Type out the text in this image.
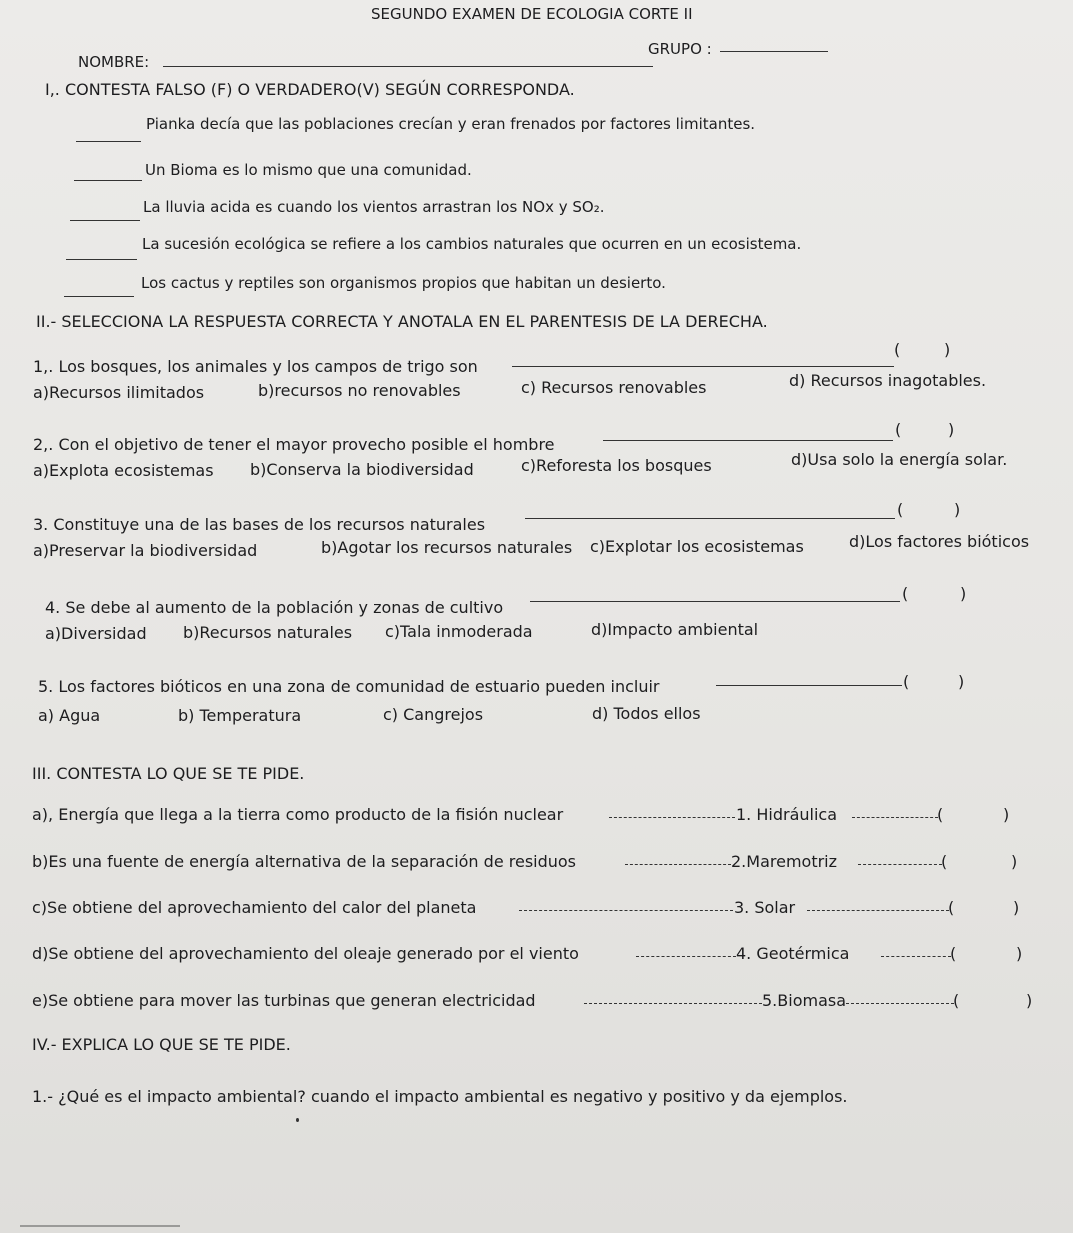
SEGUNDO EXAMEN DE ECOLOGIA CORTE II
NOMBRE:
GRUPO :
I,. CONTESTA FALSO (F) O VERDADERO(V) SEGÚN CORRESPONDA.
Pianka decía que las poblaciones crecían y eran frenados por factores limitantes.
Un Bioma es lo mismo que una comunidad.
La lluvia acida es cuando los vientos arrastran los NOx y SO₂.
La sucesión ecológica se refiere a los cambios naturales que ocurren en un ecosistema.
Los cactus y reptiles son organismos propios que habitan un desierto.
II.- SELECCIONA LA RESPUESTA CORRECTA Y ANOTALA EN EL PARENTESIS DE LA DERECHA.
1,. Los bosques, los animales y los campos de trigo son
(	)
a)Recursos ilimitados	b)recursos no renovables	c) Recursos renovables	d) Recursos inagotables.
2,. Con el objetivo de tener el mayor provecho posible el hombre
(	)
a)Explota ecosistemas b)Conserva la biodiversidad	c)Reforesta los bosques	d)Usa solo la energía solar.
3. Constituye una de las bases de los recursos naturales
(	)
a)Preservar la biodiversidad	b)Agotar los recursos naturales c)Explotar los ecosistemas	d)Los factores bióticos
4. Se debe al aumento de la población y zonas de cultivo
(	)
a)Diversidad b)Recursos naturales c)Tala inmoderada	d)Impacto ambiental
5. Los factores bióticos en una zona de comunidad de estuario pueden incluir	(	)
a) Agua	b) Temperatura	c) Cangrejos	d) Todos ellos
III. CONTESTA LO QUE SE TE PIDE.
a), Energía que llega a la tierra como producto de la fisión nuclear	1. Hidráulica	(	)
b)Es una fuente de energía alternativa de la separación de residuos	2.Maremotriz	(	)
c)Se obtiene del aprovechamiento del calor del planeta	3. Solar	(	)
d)Se obtiene del aprovechamiento del oleaje generado por el viento	4. Geotérmica	(	)
e)Se obtiene para mover las turbinas que generan electricidad	5.Biomasa	(	)
IV.- EXPLICA LO QUE SE TE PIDE.
1.- ¿Qué es el impacto ambiental? cuando el impacto ambiental es negativo y positivo y da ejemplos.
